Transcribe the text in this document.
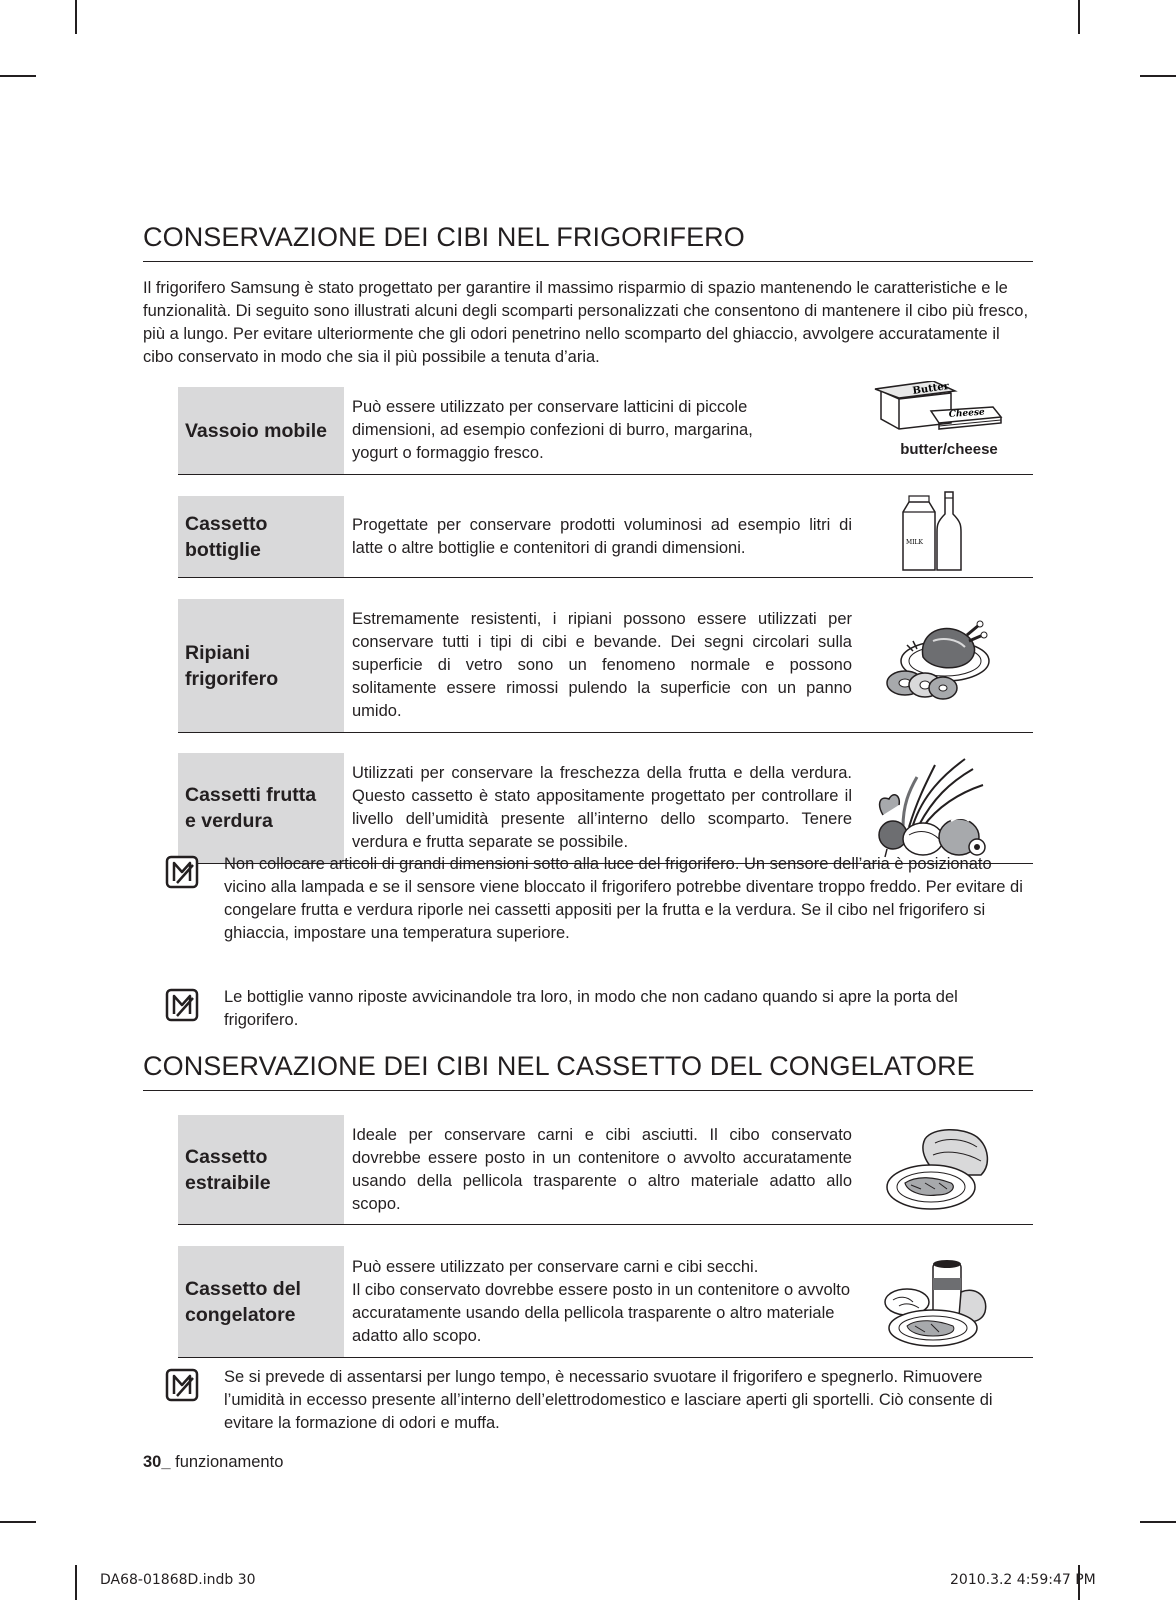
CONSERVAZIONE DEI CIBI NEL FRIGORIFERO

Il frigorifero Samsung è stato progettato per garantire il massimo risparmio di spazio mantenendo le caratteristiche e le funzionalità. Di seguito sono illustrati alcuni degli scomparti personalizzati che consentono di mantenere il cibo più fresco, più a lungo. Per evitare ulteriormente che gli odori penetrino nello scomparto del ghiaccio, avvolgere accuratamente il cibo conservato in modo che sia il più possibile a tenuta d’aria.

Vassoio mobile
Può essere utilizzato per conservare latticini di piccole
dimensioni, ad esempio confezioni di burro, margarina,
yogurt o formaggio fresco.
Butter
Cheese
butter/cheese
Cassetto
bottiglie
Progettate per conservare prodotti voluminosi ad esempio litri di latte o altre bottiglie e contenitori di grandi dimensioni.	MILK
Ripiani
frigorifero
Estremamente resistenti, i ripiani possono essere utilizzati per conservare tutti i tipi di cibi e bevande. Dei segni circolari sulla superficie di vetro sono un fenomeno normale e possono solitamente essere rimossi pulendo la superficie con un panno umido.
Cassetti frutta
e verdura
Utilizzati per conservare la freschezza della frutta e della verdura. Questo cassetto è stato appositamente progettato per controllare il livello dell’umidità presente all’interno dello scomparto. Tenere verdura e frutta separate se possibile.
Non collocare articoli di grandi dimensioni sotto alla luce del frigorifero. Un sensore dell’aria è posizionato vicino alla lampada e se il sensore viene bloccato il frigorifero potrebbe diventare troppo freddo. Per evitare di congelare frutta e verdura riporle nei cassetti appositi per la frutta e la verdura. Se il cibo nel frigorifero si ghiaccia, impostare una temperatura superiore.
Le bottiglie vanno riposte avvicinandole tra loro, in modo che non cadano quando si apre la porta del frigorifero.
CONSERVAZIONE DEI CIBI NEL CASSETTO DEL CONGELATORE
Cassetto
estraibile
Ideale per conservare carni e cibi asciutti. Il cibo conservato dovrebbe essere posto in un contenitore o avvolto accuratamente usando della pellicola trasparente o altro materiale adatto allo scopo.
Cassetto del
congelatore
Può essere utilizzato per conservare carni e cibi secchi.
Il cibo conservato dovrebbe essere posto in un contenitore o avvolto accuratamente usando della pellicola trasparente o altro materiale adatto allo scopo.
Se si prevede di assentarsi per lungo tempo, è necessario svuotare il frigorifero e spegnerlo. Rimuovere l’umidità in eccesso presente all’interno dell’elettrodomestico e lasciare aperti gli sportelli. Ciò consente di evitare la formazione di odori e muffa.
30_ funzionamento
DA68-01868D.indb 30	2010.3.2 4:59:47 PM
